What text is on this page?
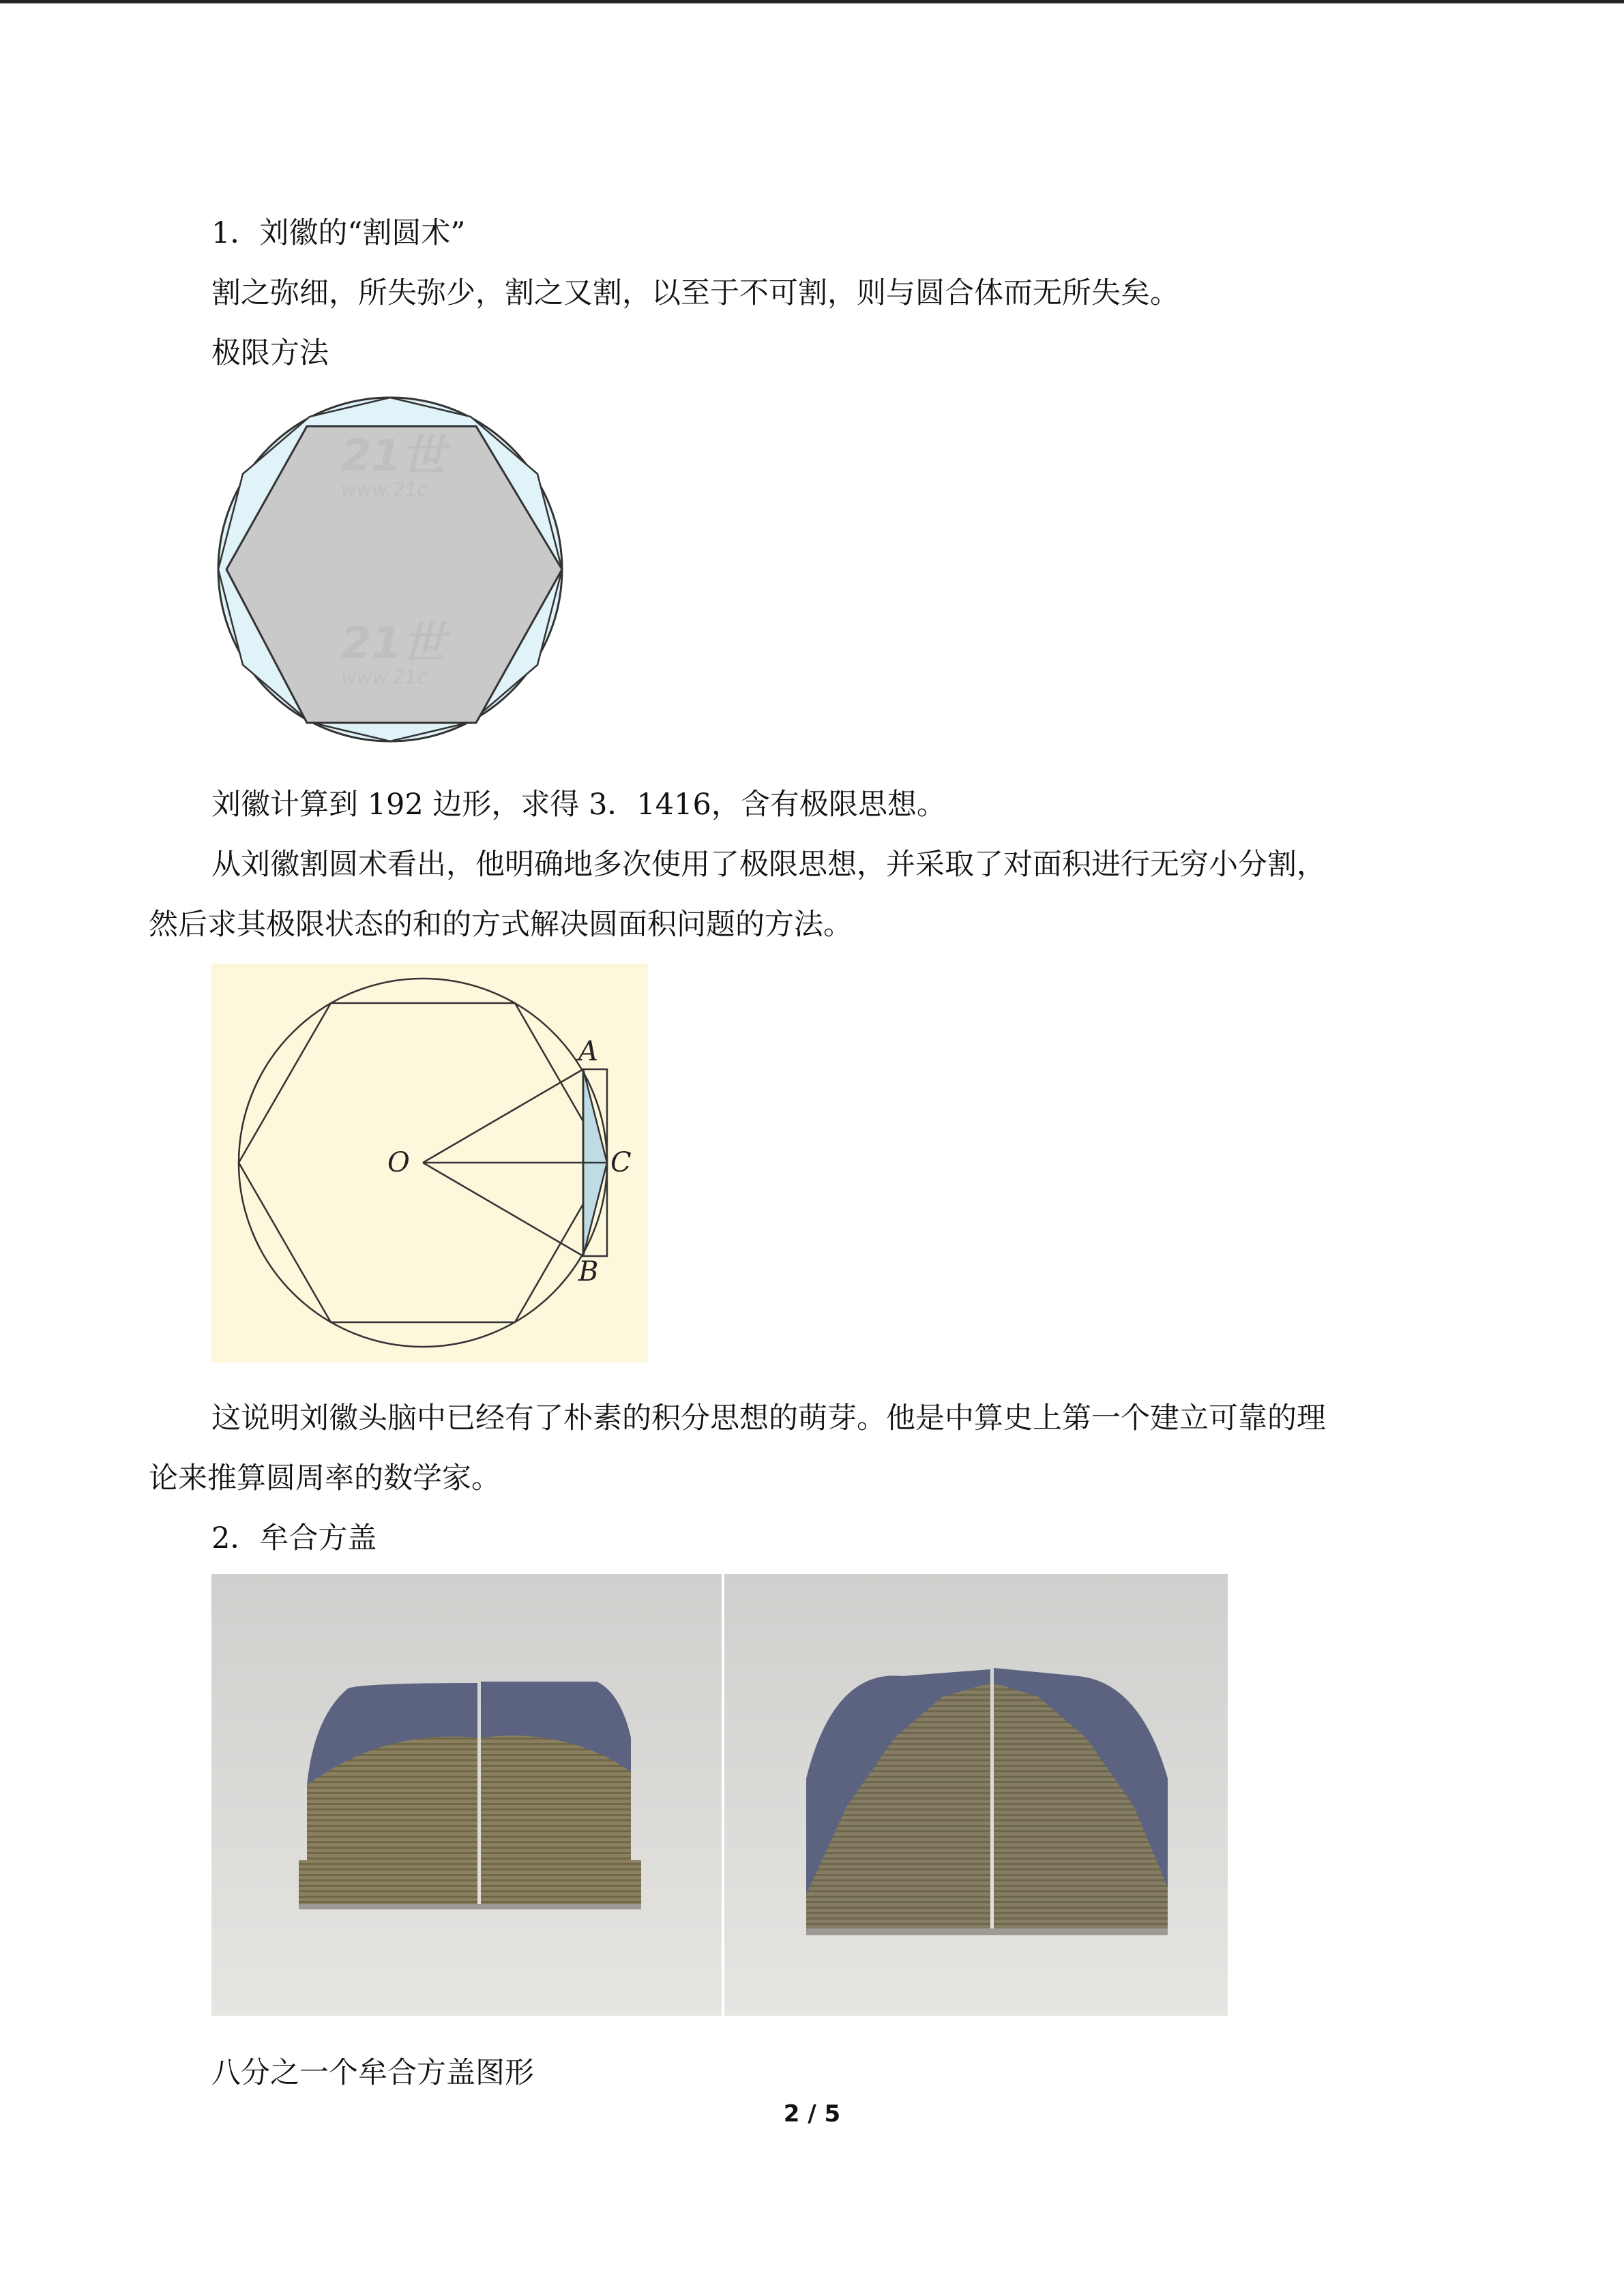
1．刘徽的“割圆术”
割之弥细，所失弥少，割之又割，以至于不可割，则与圆合体而无所失矣。
极限方法
21世
www.21c
21世
www.21c
刘徽计算到 192 边形，求得 3．1416，含有极限思想。
从刘徽割圆术看出，他明确地多次使用了极限思想，并采取了对面积进行无穷小分割，
然后求其极限状态的和的方式解决圆面积问题的方法。
A
O	C
B
这说明刘徽头脑中已经有了朴素的积分思想的萌芽。他是中算史上第一个建立可靠的理
论来推算圆周率的数学家。
2．牟合方盖
八分之一个牟合方盖图形
2 / 5
